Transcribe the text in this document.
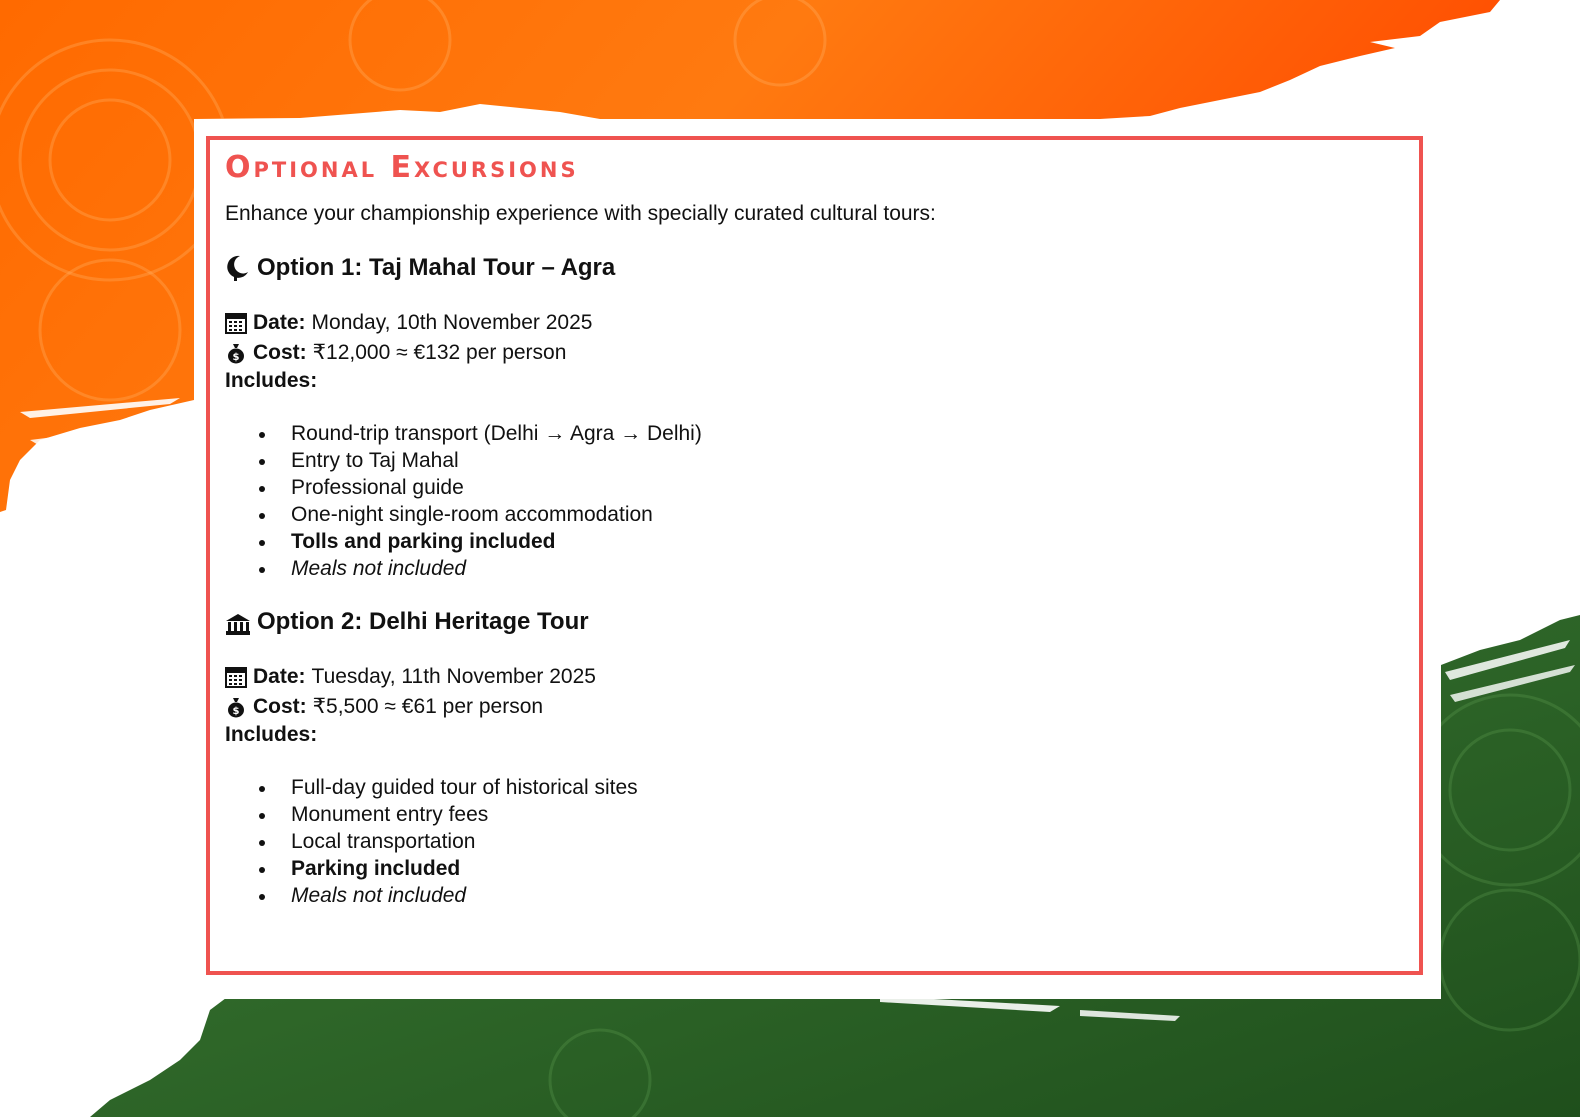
Optional Excursions

Enhance your championship experience with specially curated cultural tours:

Option 1: Taj Mahal Tour – Agra
Date: Monday, 10th November 2025
$ Cost: ₹12,000 ≈ €132 per person
Includes:
Round-trip transport (Delhi → Agra → Delhi)
Entry to Taj Mahal
Professional guide
One-night single-room accommodation
Tolls and parking included
Meals not included
Option 2: Delhi Heritage Tour
Date: Tuesday, 11th November 2025
$ Cost: ₹5,500 ≈ €61 per person
Includes:
Full-day guided tour of historical sites
Monument entry fees
Local transportation
Parking included
Meals not included
